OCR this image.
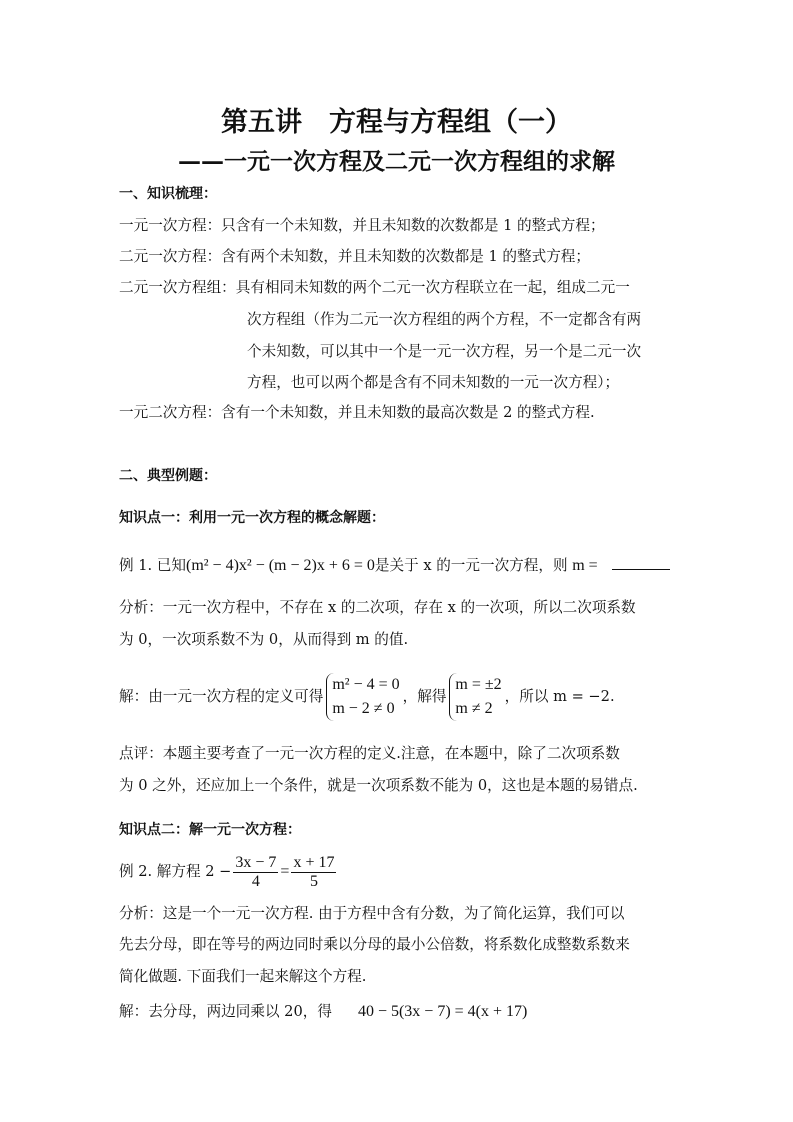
第五讲　方程与方程组（一）
——一元一次方程及二元一次方程组的求解
一、知识梳理：
一元一次方程：只含有一个未知数，并且未知数的次数都是 1 的整式方程；
二元一次方程：含有两个未知数，并且未知数的次数都是 1 的整式方程；
二元一次方程组：具有相同未知数的两个二元一次方程联立在一起，组成二元一
次方程组（作为二元一次方程组的两个方程，不一定都含有两
个未知数，可以其中一个是一元一次方程，另一个是二元一次
方程，也可以两个都是含有不同未知数的一元一次方程）；
一元二次方程：含有一个未知数，并且未知数的最高次数是 2 的整式方程.
二、典型例题：
知识点一：利用一元一次方程的概念解题：
例 1. 已知(m² − 4)x² − (m − 2)x + 6 = 0是关于 x 的一元一次方程，则 m =
分析：一元一次方程中，不存在 x 的二次项，存在 x 的一次项，所以二次项系数
为 0，一次项系数不为 0，从而得到 m 的值.
解：由一元一次方程的定义可得
m² − 4 = 0
m − 2 ≠ 0
，解得
m = ±2
m ≠ 2
，所以 m = −2.
点评：本题主要考查了一元一次方程的定义.注意，在本题中，除了二次项系数
为 0 之外，还应加上一个条件，就是一次项系数不能为 0，这也是本题的易错点.
知识点二：解一元一次方程：
例 2. 解方程 $2 - \frac{3x - 7}{4} = \frac{x + 17}{5}$
分析：这是一个一元一次方程. 由于方程中含有分数，为了简化运算，我们可以
先去分母，即在等号的两边同时乘以分母的最小公倍数，将系数化成整数系数来
简化做题. 下面我们一起来解这个方程.
解：去分母，两边同乘以 20，得 40 − 5(3x − 7) = 4(x + 17)
